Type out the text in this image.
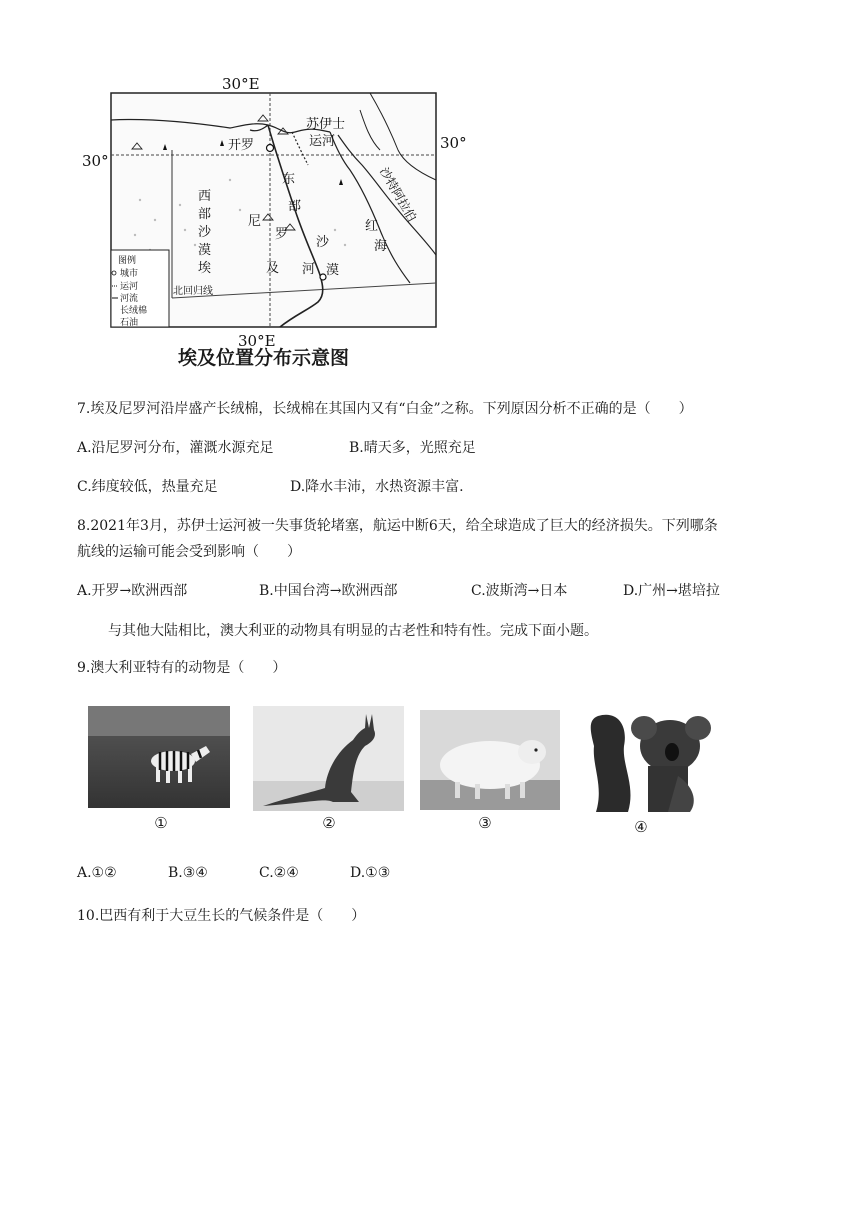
图例
城市
运河
河流
长绒棉
石油
30°E
30°E
30°
30°
苏伊士
运河
开罗
西
部
沙
漠
埃
尼
罗
河
及
东
部
沙
漠
红
海
沙特阿拉伯
北回归线
埃及位置分布示意图
7.埃及尼罗河沿岸盛产长绒棉，长绒棉在其国内又有“白金”之称。下列原因分析不正确的是（　　）
A.沿尼罗河分布，灌溉水源充足	B.晴天多，光照充足
C.纬度较低，热量充足	D.降水丰沛，水热资源丰富.
8.2021年3月，苏伊士运河被一失事货轮堵塞，航运中断6天，给全球造成了巨大的经济损失。下列哪条
航线的运输可能会受到影响（　　）
A.开罗→欧洲西部	B.中国台湾→欧洲西部	C.波斯湾→日本	D.广州→堪培拉
与其他大陆相比，澳大利亚的动物具有明显的古老性和特有性。完成下面小题。
9.澳大利亚特有的动物是（　　）
①	②	③	④
A.①②	B.③④	C.②④	D.①③
10.巴西有利于大豆生长的气候条件是（　　）
